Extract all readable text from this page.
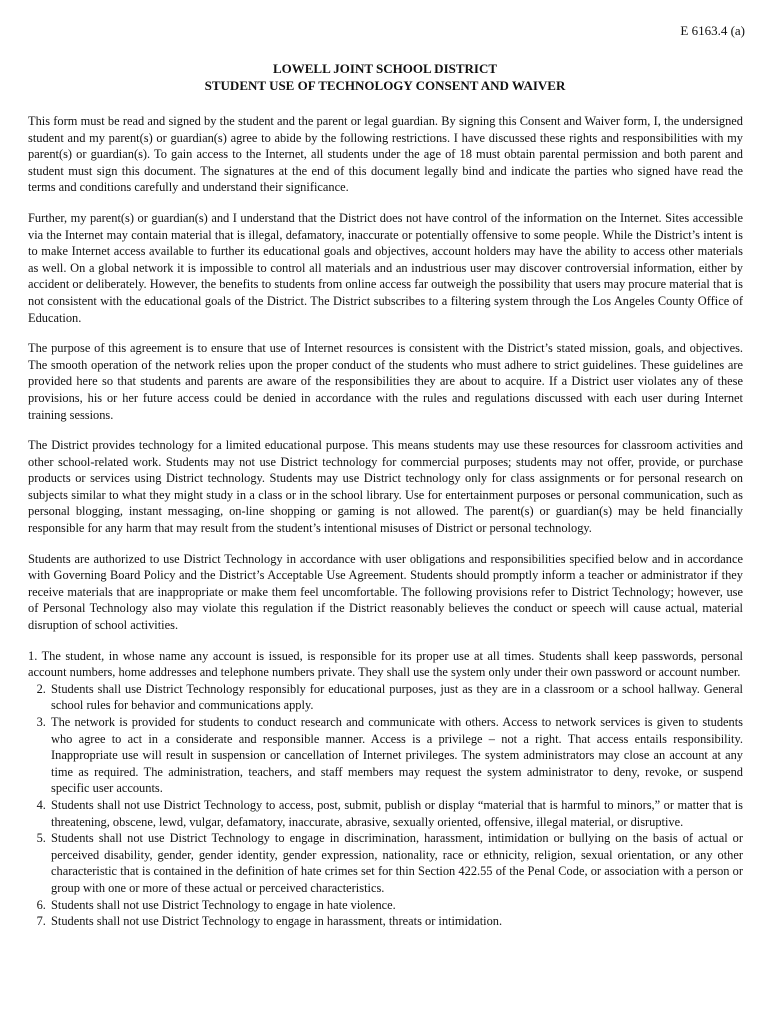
E 6163.4 (a)
LOWELL JOINT SCHOOL DISTRICT
STUDENT USE OF TECHNOLOGY CONSENT AND WAIVER

This form must be read and signed by the student and the parent or legal guardian. By signing this Consent and Waiver form, I, the undersigned student and my parent(s) or guardian(s) agree to abide by the following restrictions. I have discussed these rights and responsibilities with my parent(s) or guardian(s). To gain access to the Internet, all students under the age of 18 must obtain parental permission and both parent and student must sign this document. The signatures at the end of this document legally bind and indicate the parties who signed have read the terms and conditions carefully and understand their significance.

Further, my parent(s) or guardian(s) and I understand that the District does not have control of the information on the Internet. Sites accessible via the Internet may contain material that is illegal, defamatory, inaccurate or potentially offensive to some people. While the District’s intent is to make Internet access available to further its educational goals and objectives, account holders may have the ability to access other materials as well. On a global network it is impossible to control all materials and an industrious user may discover controversial information, either by accident or deliberately. However, the benefits to students from online access far outweigh the possibility that users may procure material that is not consistent with the educational goals of the District. The District subscribes to a filtering system through the Los Angeles County Office of Education.

The purpose of this agreement is to ensure that use of Internet resources is consistent with the District’s stated mission, goals, and objectives. The smooth operation of the network relies upon the proper conduct of the students who must adhere to strict guidelines. These guidelines are provided here so that students and parents are aware of the responsibilities they are about to acquire. If a District user violates any of these provisions, his or her future access could be denied in accordance with the rules and regulations discussed with each user during Internet training sessions.

The District provides technology for a limited educational purpose. This means students may use these resources for classroom activities and other school-related work. Students may not use District technology for commercial purposes; students may not offer, provide, or purchase products or services using District technology. Students may use District technology only for class assignments or for personal research on subjects similar to what they might study in a class or in the school library. Use for entertainment purposes or personal communication, such as personal blogging, instant messaging, on-line shopping or gaming is not allowed. The parent(s) or guardian(s) may be held financially responsible for any harm that may result from the student’s intentional misuses of District or personal technology.

Students are authorized to use District Technology in accordance with user obligations and responsibilities specified below and in accordance with Governing Board Policy and the District’s Acceptable Use Agreement. Students should promptly inform a teacher or administrator if they receive materials that are inappropriate or make them feel uncomfortable. The following provisions refer to District Technology; however, use of Personal Technology also may violate this regulation if the District reasonably believes the conduct or speech will cause actual, material disruption of school activities.

1. The student, in whose name any account is issued, is responsible for its proper use at all times. Students shall keep passwords, personal account numbers, home addresses and telephone numbers private. They shall use the system only under their own password or account number.
2. Students shall use District Technology responsibly for educational purposes, just as they are in a classroom or a school hallway. General school rules for behavior and communications apply.
3. The network is provided for students to conduct research and communicate with others. Access to network services is given to students who agree to act in a considerate and responsible manner. Access is a privilege – not a right. That access entails responsibility. Inappropriate use will result in suspension or cancellation of Internet privileges. The system administrators may close an account at any time as required. The administration, teachers, and staff members may request the system administrator to deny, revoke, or suspend specific user accounts.
4. Students shall not use District Technology to access, post, submit, publish or display “material that is harmful to minors,” or matter that is threatening, obscene, lewd, vulgar, defamatory, inaccurate, abrasive, sexually oriented, offensive, illegal material, or disruptive.
5. Students shall not use District Technology to engage in discrimination, harassment, intimidation or bullying on the basis of actual or perceived disability, gender, gender identity, gender expression, nationality, race or ethnicity, religion, sexual orientation, or any other characteristic that is contained in the definition of hate crimes set for thin Section 422.55 of the Penal Code, or association with a person or group with one or more of these actual or perceived characteristics.
6. Students shall not use District Technology to engage in hate violence.
7. Students shall not use District Technology to engage in harassment, threats or intimidation.
